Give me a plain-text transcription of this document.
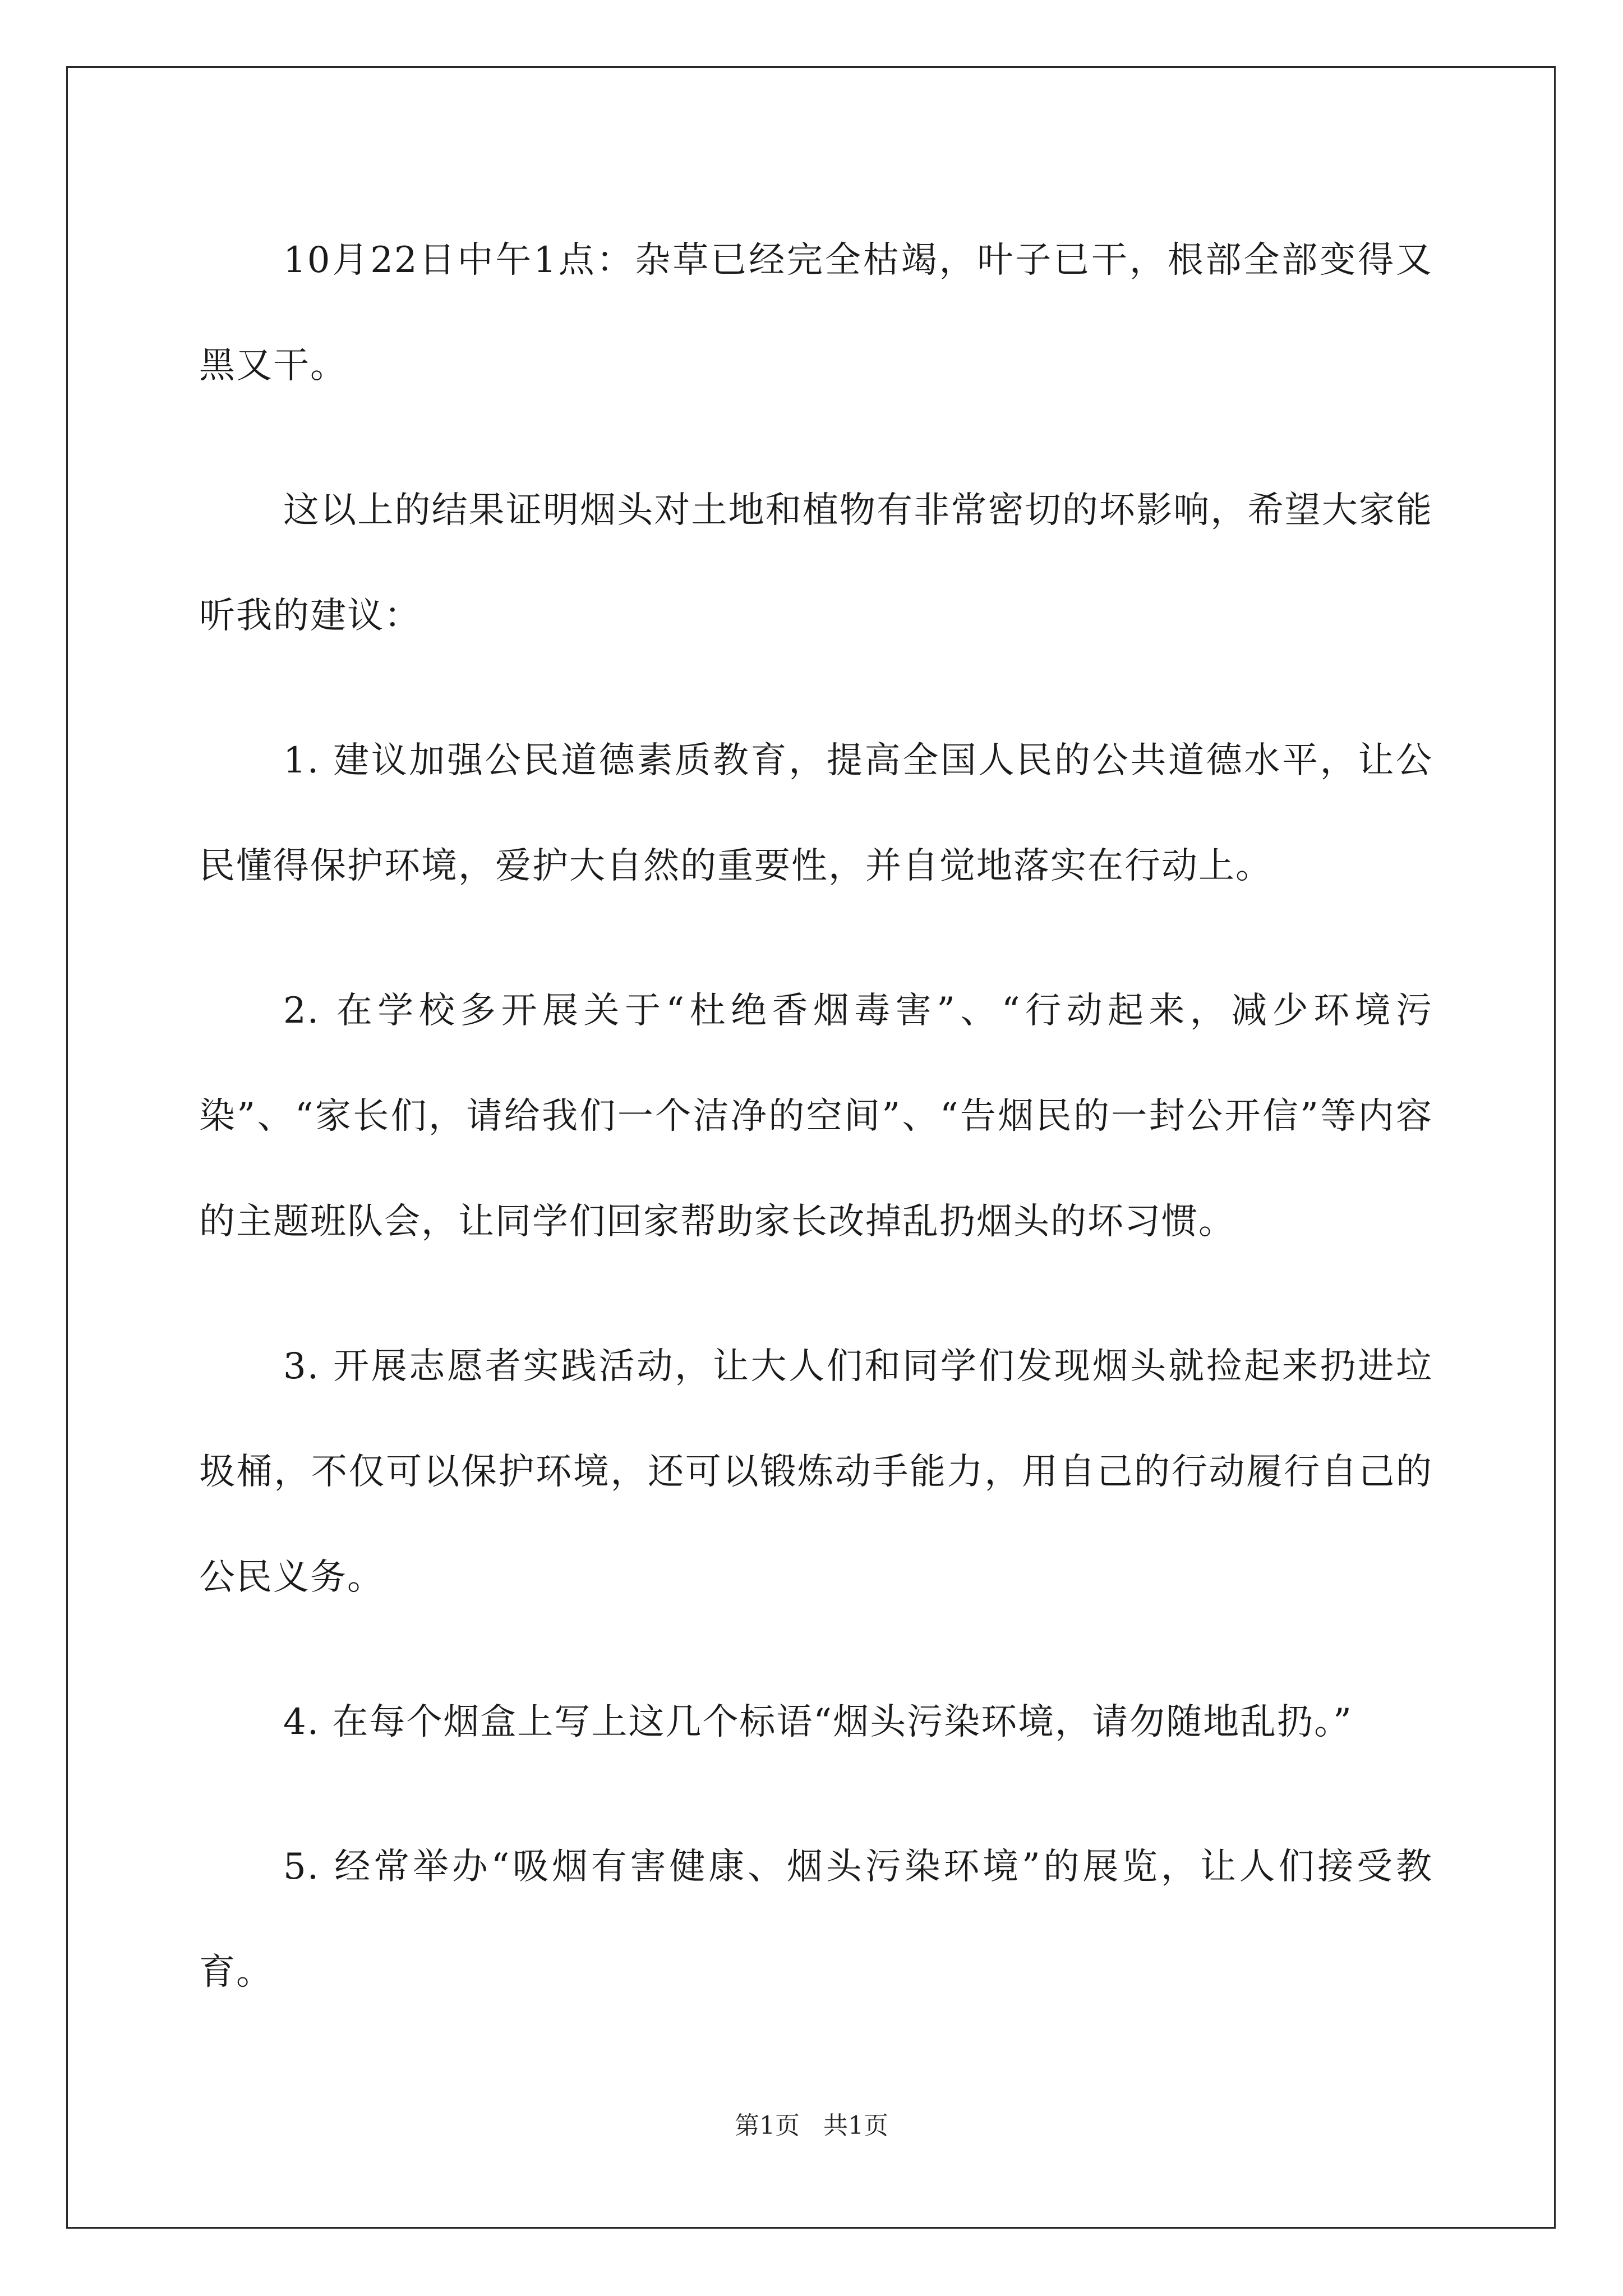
10月22日中午1点：杂草已经完全枯竭，叶子已干，根部全部变得又黑又干。

这以上的结果证明烟头对土地和植物有非常密切的坏影响，希望大家能听我的建议：

1. 建议加强公民道德素质教育，提高全国人民的公共道德水平，让公民懂得保护环境，爱护大自然的重要性，并自觉地落实在行动上。

2. 在学校多开展关于“杜绝香烟毒害”、“行动起来，减少环境污染”、“家长们，请给我们一个洁净的空间”、“告烟民的一封公开信”等内容的主题班队会，让同学们回家帮助家长改掉乱扔烟头的坏习惯。

3. 开展志愿者实践活动，让大人们和同学们发现烟头就捡起来扔进垃圾桶，不仅可以保护环境，还可以锻炼动手能力，用自己的行动履行自己的公民义务。

4. 在每个烟盒上写上这几个标语“烟头污染环境，请勿随地乱扔。”

5. 经常举办“吸烟有害健康、烟头污染环境”的展览，让人们接受教育。

第1页 共1页
